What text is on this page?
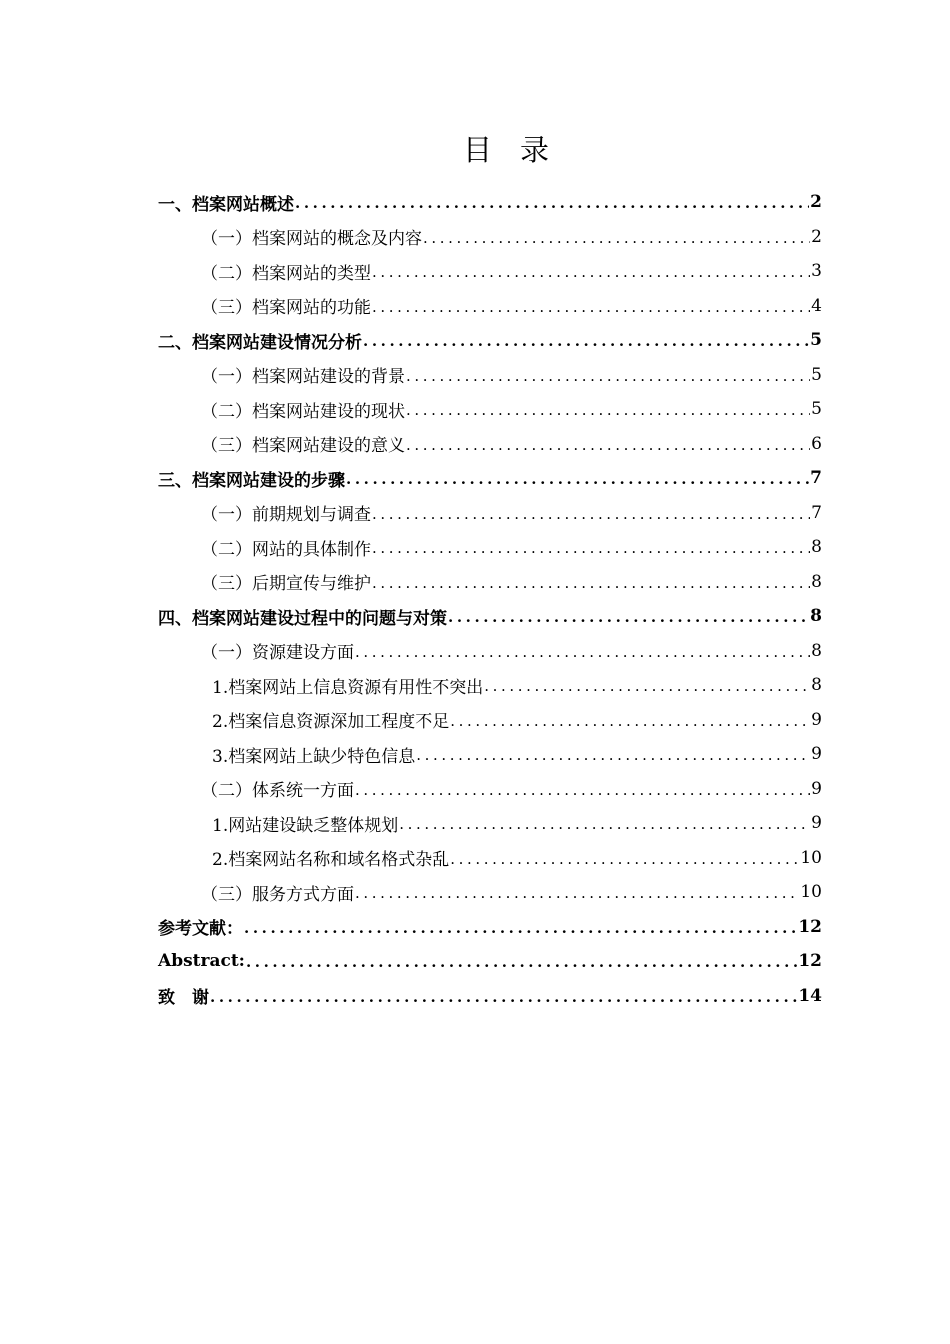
目 录
一、档案网站概述 .....	2
（一）档案网站的概念及内容 .....	2
（二）档案网站的类型 .....	3
（三）档案网站的功能 .....	4
二、档案网站建设情况分析 .....	5
（一）档案网站建设的背景 .....	5
（二）档案网站建设的现状 .....	5
（三）档案网站建设的意义 .....	6
三、档案网站建设的步骤 .....	7
（一）前期规划与调查 .....	7
（二）网站的具体制作 .....	8
（三）后期宣传与维护 .....	8
四、档案网站建设过程中的问题与对策 .....	8
（一）资源建设方面 .....	8
1.档案网站上信息资源有用性不突出 .....	8
2.档案信息资源深加工程度不足 .....	9
3.档案网站上缺少特色信息 .....	9
（二）体系统一方面 .....	9
1.网站建设缺乏整体规划 .....	9
2.档案网站名称和域名格式杂乱 .....	10
（三）服务方式方面 .....	10
参考文献： .....	12
Abstract: .....	12
致　谢 .....	14
